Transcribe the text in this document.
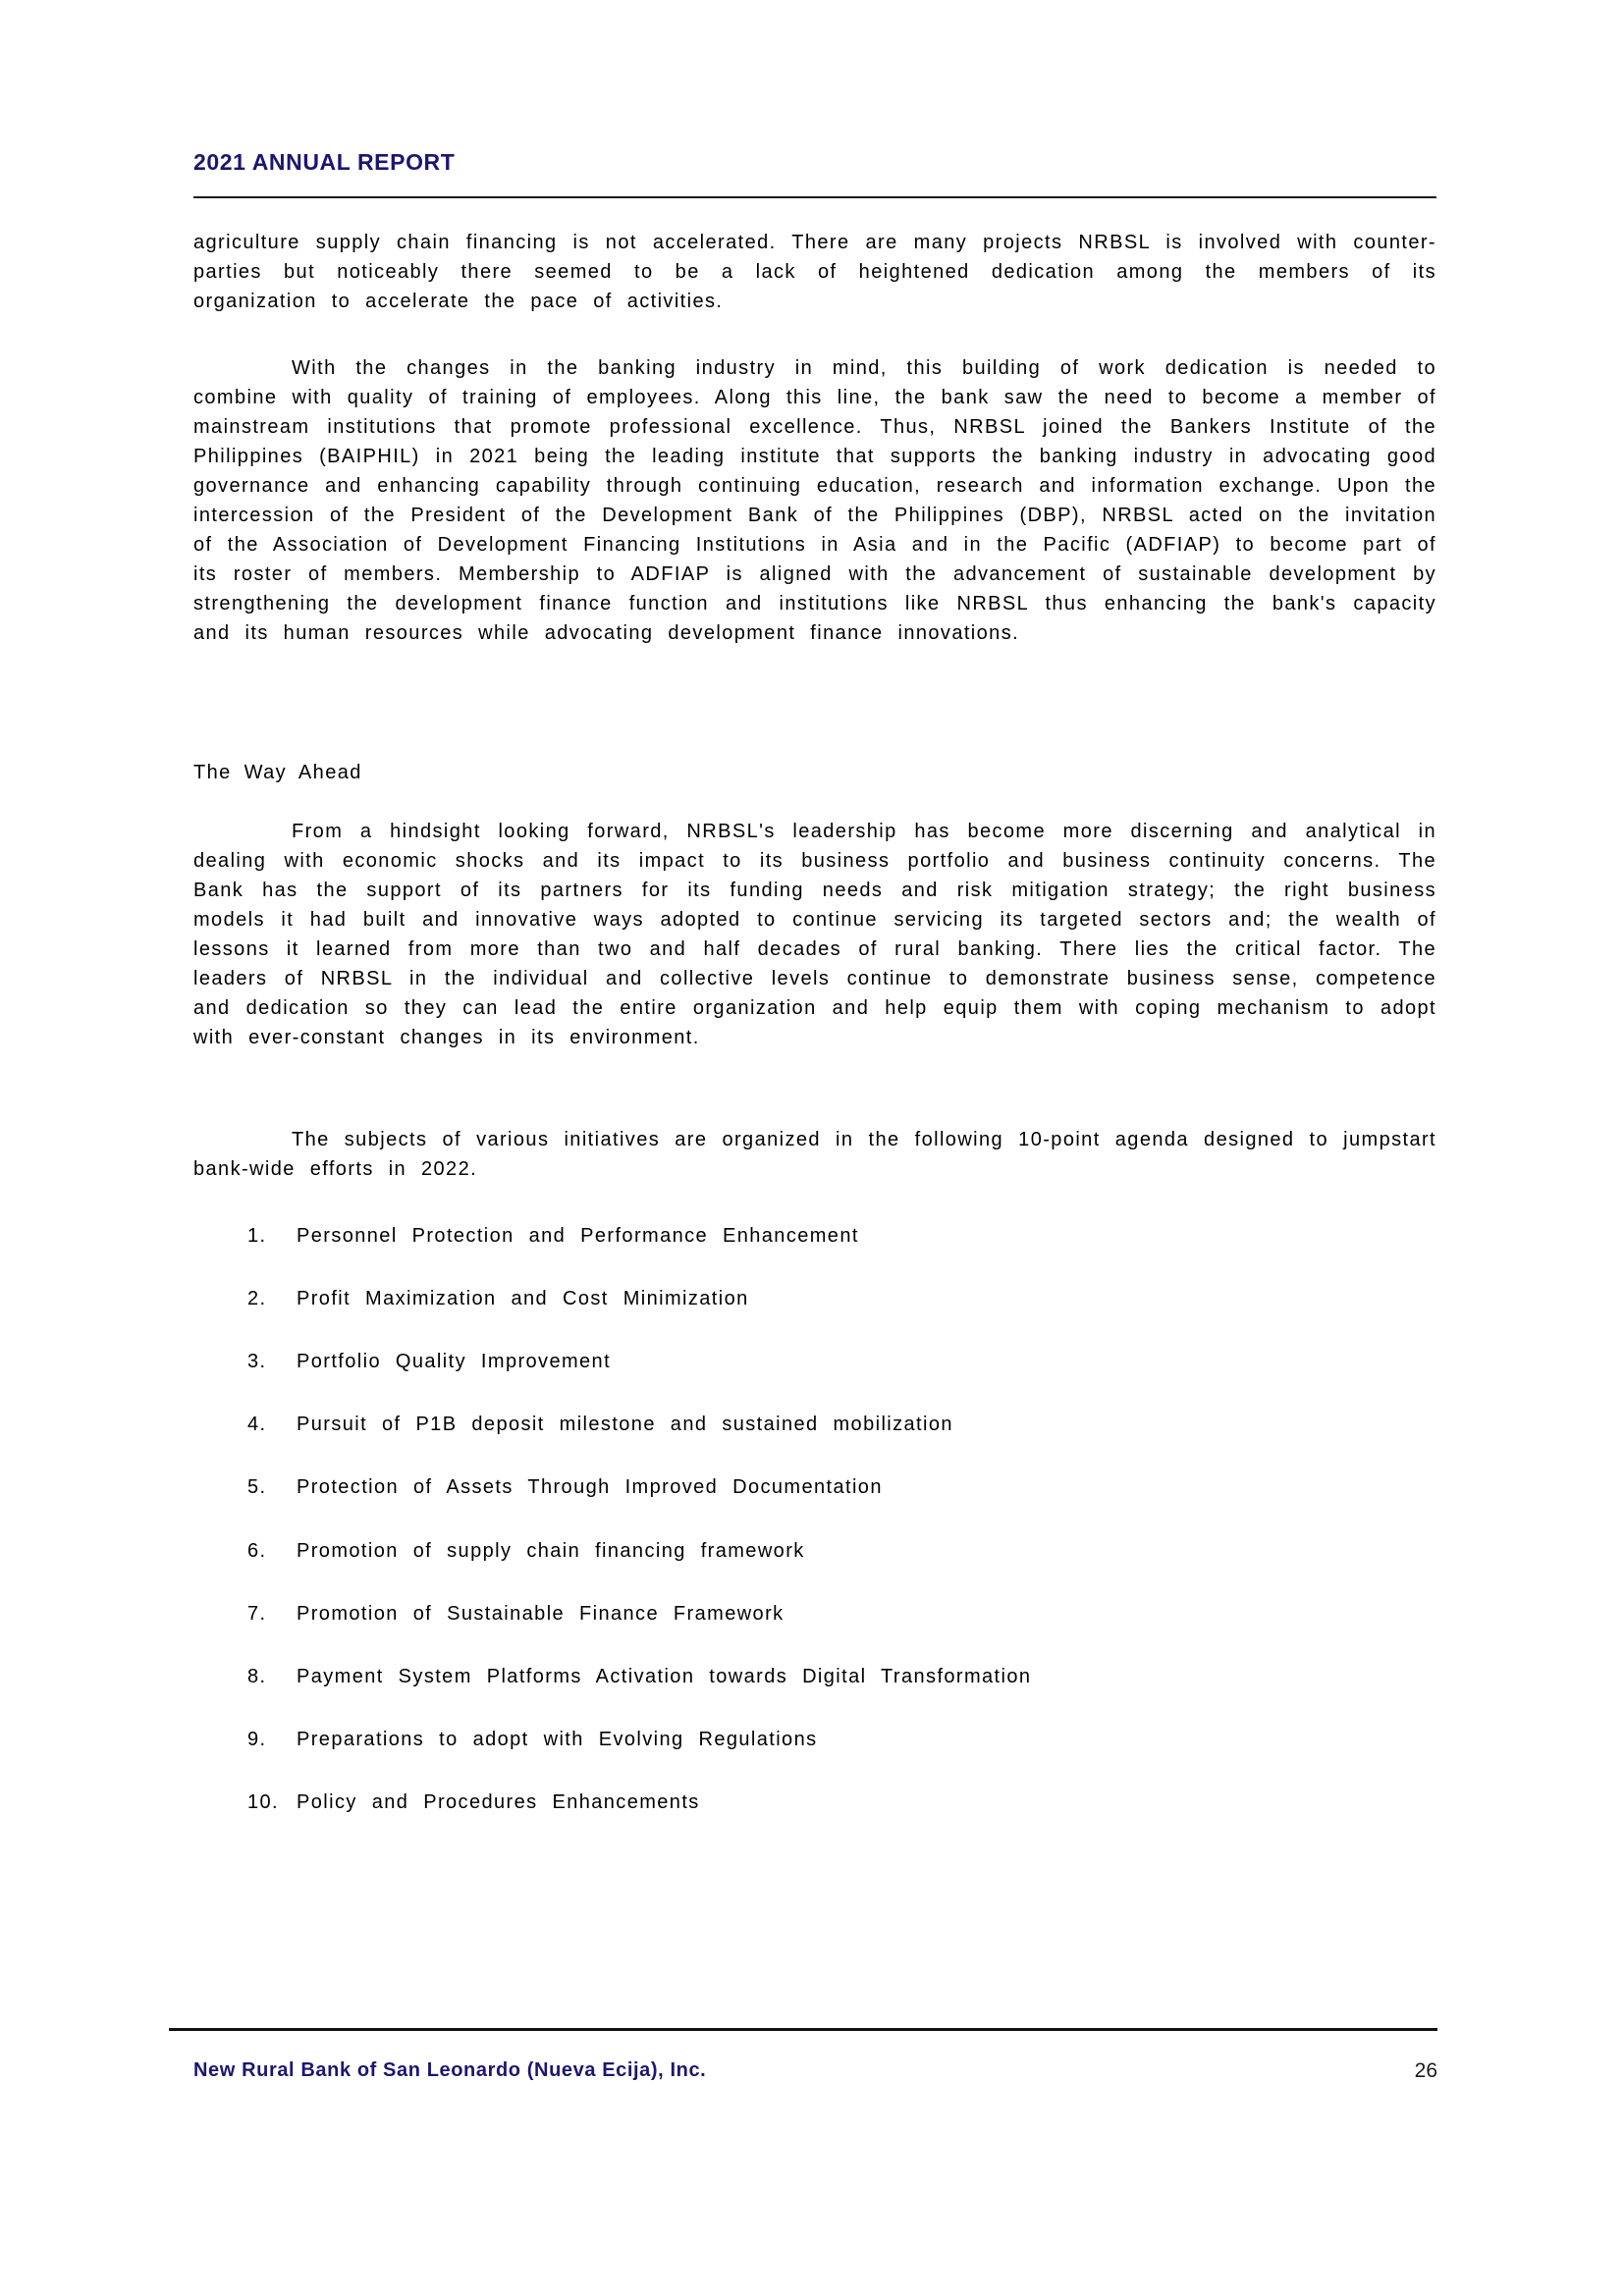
2021 ANNUAL REPORT

agriculture supply chain financing is not accelerated. There are many projects NRBSL is involved with counter-parties but noticeably there seemed to be a lack of heightened dedication among the members of its organization to accelerate the pace of activities.

With the changes in the banking industry in mind, this building of work dedication is needed to combine with quality of training of employees. Along this line, the bank saw the need to become a member of mainstream institutions that promote professional excellence. Thus, NRBSL joined the Bankers Institute of the Philippines (BAIPHIL) in 2021 being the leading institute that supports the banking industry in advocating good governance and enhancing capability through continuing education, research and information exchange. Upon the intercession of the President of the Development Bank of the Philippines (DBP), NRBSL acted on the invitation of the Association of Development Financing Institutions in Asia and in the Pacific (ADFIAP) to become part of its roster of members. Membership to ADFIAP is aligned with the advancement of sustainable development by strengthening the development finance function and institutions like NRBSL thus enhancing the bank's capacity and its human resources while advocating development finance innovations.

The Way Ahead

From a hindsight looking forward, NRBSL's leadership has become more discerning and analytical in dealing with economic shocks and its impact to its business portfolio and business continuity concerns. The Bank has the support of its partners for its funding needs and risk mitigation strategy; the right business models it had built and innovative ways adopted to continue servicing its targeted sectors and; the wealth of lessons it learned from more than two and half decades of rural banking. There lies the critical factor. The leaders of NRBSL in the individual and collective levels continue to demonstrate business sense, competence and dedication so they can lead the entire organization and help equip them with coping mechanism to adopt with ever-constant changes in its environment.

The subjects of various initiatives are organized in the following 10-point agenda designed to jumpstart bank-wide efforts in 2022.

1. Personnel Protection and Performance Enhancement
2. Profit Maximization and Cost Minimization
3. Portfolio Quality Improvement
4. Pursuit of P1B deposit milestone and sustained mobilization
5. Protection of Assets Through Improved Documentation
6. Promotion of supply chain financing framework
7. Promotion of Sustainable Finance Framework
8. Payment System Platforms Activation towards Digital Transformation
9. Preparations to adopt with Evolving Regulations
10. Policy and Procedures Enhancements
New Rural Bank of San Leonardo (Nueva Ecija), Inc.	26
